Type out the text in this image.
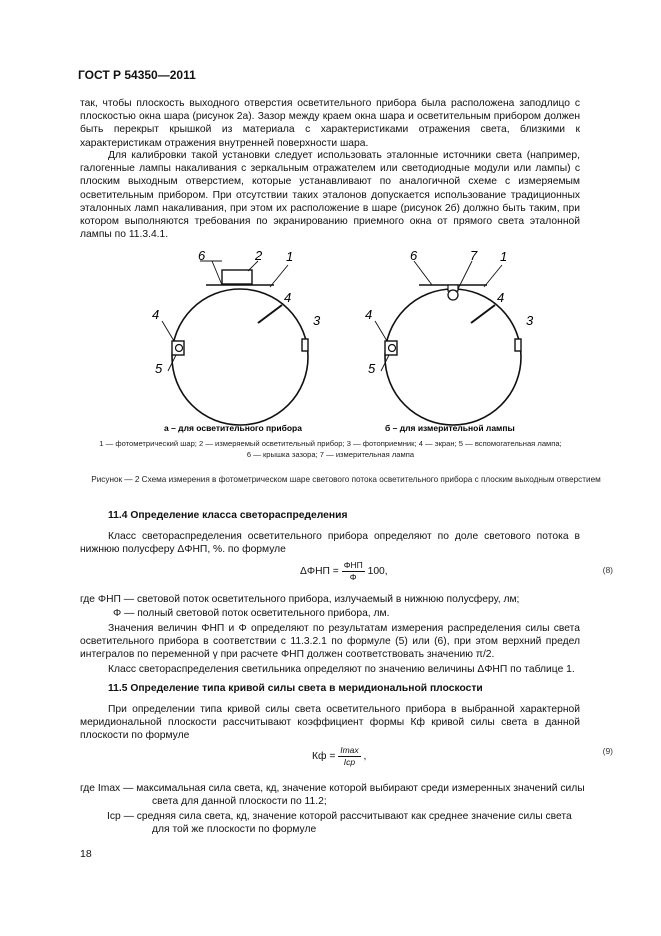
ГОСТ Р 54350—2011
так, чтобы плоскость выходного отверстия осветительного прибора была расположена заподлицо с плоскостью окна шара (рисунок 2а). Зазор между краем окна шара и осветительным прибором должен быть перекрыт крышкой из материала с характеристиками отражения света, близкими к характеристикам отражения внутренней поверхности шара.
Для калибровки такой установки следует использовать эталонные источники света (например, галогенные лампы накаливания с зеркальным отражателем или светодиодные модули или лампы) с плоским выходным отверстием, которые устанавливают по аналогичной схеме с измеряемым осветительным прибором. При отсутствии таких эталонов допускается использование традиционных эталонных ламп накаливания, при этом их расположение в шаре (рисунок 2б) должно быть таким, при котором выполняются требования по экранированию приемного окна от прямого света эталонной лампы по 11.3.4.1.
1
2
6
4
3
4
5
а – для осветительного прибора
1
7
6
4
3
4
5
б – для измерительной лампы
1 — фотометрический шар; 2 — измеряемый осветительный прибор; 3 — фотоприемник; 4 — экран; 5 — вспомогательная лампа;
6 — крышка зазора; 7 — измерительная лампа
Рисунок — 2 Схема измерения в фотометрическом шаре светового потока осветительного прибора с плоским выходным отверстием
11.4 Определение класса светораспределения
Класс светораспределения осветительного прибора определяют по доле светового потока в нижнюю полусферу ΔΦНП, %. по формуле
$\Delta\Phi НП = \frac{\text{ΦНП}}{\Phi} 100$,	(8)
где ΦНП — световой поток осветительного прибора, излучаемый в нижнюю полусферу, лм;
Φ — полный световой поток осветительного прибора, лм.
Значения величин ΦНП и Φ определяют по результатам измерения распределения силы света осветительного прибора в соответствии с 11.3.2.1 по формуле (5) или (6), при этом верхний предел интегралов по переменной γ при расчете ΦНП должен соответствовать значению π/2.
Класс светораспределения светильника определяют по значению величины ΔΦНП по таблице 1.
11.5 Определение типа кривой силы света в меридиональной плоскости
При определении типа кривой силы света осветительного прибора в выбранной характерной меридиональной плоскости рассчитывают коэффициент формы Кф кривой силы света в данной плоскости по формуле
Кф = $\frac{Imax}{\text{Iср}}$ ,
(9)
где Imax — максимальная сила света, кд, значение которой выбирают среди измеренных значений силы
света для данной плоскости по 11.2;
Iср — средняя сила света, кд, значение которой рассчитывают как среднее значение силы света
для той же плоскости по формуле
18
